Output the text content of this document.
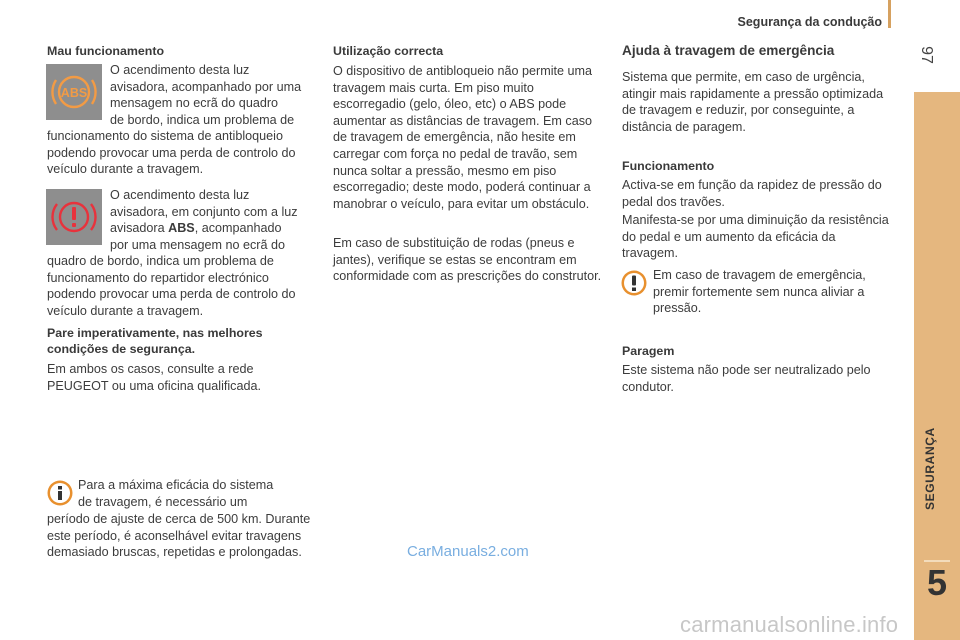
Segurança da condução
97
SEGURANÇA
5
Mau funcionamento
ABS

O acendimento desta luz

avisadora, acompanhado por uma

mensagem no ecrã do quadro

de bordo, indica um problema de

funcionamento do sistema de antibloqueio podendo provocar uma perda de controlo do veículo durante a travagem.

O acendimento desta luz

avisadora, em conjunto com a luz

avisadora ABS, acompanhado

por uma mensagem no ecrã do

quadro de bordo, indica um problema de funcionamento do repartidor electrónico podendo provocar uma perda de controlo do veículo durante a travagem.

Pare imperativamente, nas melhores condições de segurança.

Em ambos os casos, consulte a rede PEUGEOT ou uma oficina qualificada.

Para a máxima eficácia do sistema

de travagem, é necessário um

período de ajuste de cerca de 500 km. Durante este período, é aconselhável evitar travagens demasiado bruscas, repetidas e prolongadas.

Utilização correcta

O dispositivo de antibloqueio não permite uma travagem mais curta. Em piso muito escorregadio (gelo, óleo, etc) o ABS pode aumentar as distâncias de travagem. Em caso de travagem de emergência, não hesite em carregar com força no pedal de travão, sem nunca soltar a pressão, mesmo em piso escorregadio; deste modo, poderá continuar a manobrar o veículo, para evitar um obstáculo.

Em caso de substituição de rodas (pneus e jantes), verifique se estas se encontram em conformidade com as prescrições do construtor.

Ajuda à travagem de emergência

Sistema que permite, em caso de urgência, atingir mais rapidamente a pressão optimizada de travagem e reduzir, por conseguinte, a distância de paragem.

Funcionamento

Activa-se em função da rapidez de pressão do pedal dos travões.

Manifesta-se por uma diminuição da resistência do pedal e um aumento da eficácia da travagem.

Em caso de travagem de emergência, premir fortemente sem nunca aliviar a pressão.

Paragem

Este sistema não pode ser neutralizado pelo condutor.

CarManuals2.com
carmanualsonline.info
